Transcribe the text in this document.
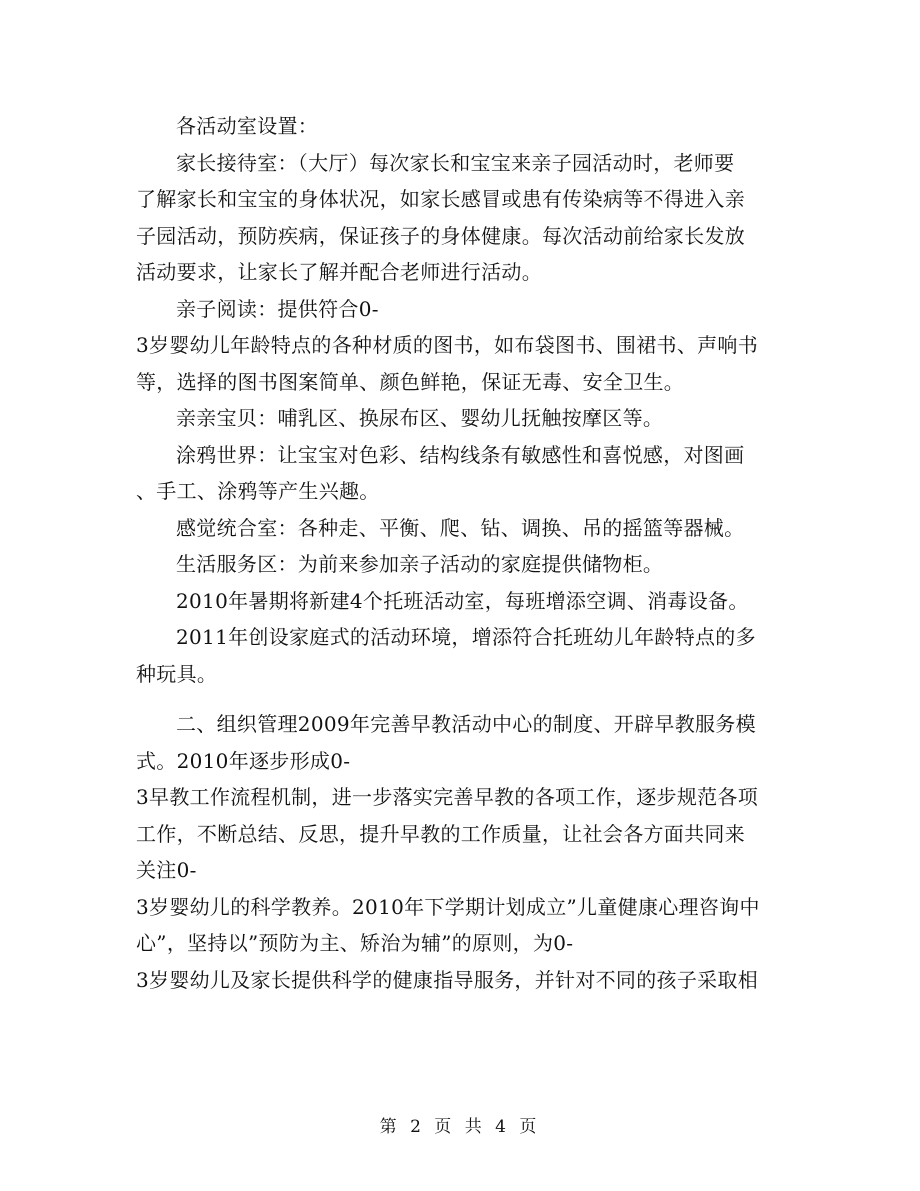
各活动室设置：
家长接待室：（大厅）每次家长和宝宝来亲子园活动时，老师要
了解家长和宝宝的身体状况，如家长感冒或患有传染病等不得进入亲
子园活动，预防疾病，保证孩子的身体健康。每次活动前给家长发放
活动要求，让家长了解并配合老师进行活动。
亲子阅读：提供符合0-
3岁婴幼儿年龄特点的各种材质的图书，如布袋图书、围裙书、声响书
等，选择的图书图案简单、颜色鲜艳，保证无毒、安全卫生。
亲亲宝贝：哺乳区、换尿布区、婴幼儿抚触按摩区等。
涂鸦世界：让宝宝对色彩、结构线条有敏感性和喜悦感，对图画
、手工、涂鸦等产生兴趣。
感觉统合室：各种走、平衡、爬、钻、调换、吊的摇篮等器械。
生活服务区：为前来参加亲子活动的家庭提供储物柜。
2010年暑期将新建4个托班活动室，每班增添空调、消毒设备。
2011年创设家庭式的活动环境，增添符合托班幼儿年龄特点的多
种玩具。
二、组织管理2009年完善早教活动中心的制度、开辟早教服务模
式。2010年逐步形成0-
3早教工作流程机制，进一步落实完善早教的各项工作，逐步规范各项
工作，不断总结、反思，提升早教的工作质量，让社会各方面共同来
关注0-
3岁婴幼儿的科学教养。2010年下学期计划成立”儿童健康心理咨询中
心”，坚持以”预防为主、矫治为辅”的原则，为0-
3岁婴幼儿及家长提供科学的健康指导服务，并针对不同的孩子采取相
第 2 页 共 4 页
